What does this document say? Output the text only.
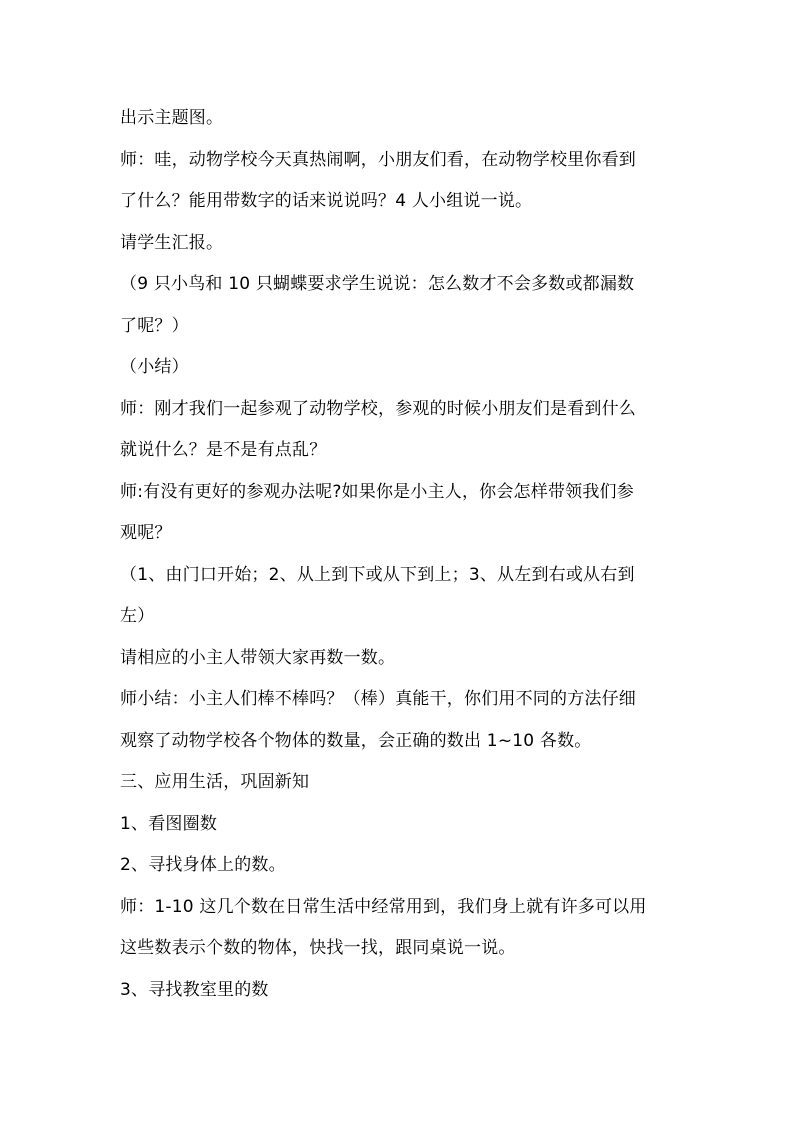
出示主题图。

师：哇，动物学校今天真热闹啊，小朋友们看，在动物学校里你看到

了什么？能用带数字的话来说说吗？4 人小组说一说。

请学生汇报。

（9 只小鸟和 10 只蝴蝶要求学生说说：怎么数才不会多数或都漏数

了呢？）

（小结）

师：刚才我们一起参观了动物学校，参观的时候小朋友们是看到什么

就说什么？是不是有点乱？

师:有没有更好的参观办法呢?如果你是小主人，你会怎样带领我们参

观呢？

（1、由门口开始；2、从上到下或从下到上；3、从左到右或从右到

左）

请相应的小主人带领大家再数一数。

师小结：小主人们棒不棒吗？（棒）真能干，你们用不同的方法仔细

观察了动物学校各个物体的数量，会正确的数出 1~10 各数。

三、应用生活，巩固新知

1、看图圈数

2、寻找身体上的数。

师：1-10 这几个数在日常生活中经常用到，我们身上就有许多可以用

这些数表示个数的物体，快找一找，跟同桌说一说。

3、寻找教室里的数
